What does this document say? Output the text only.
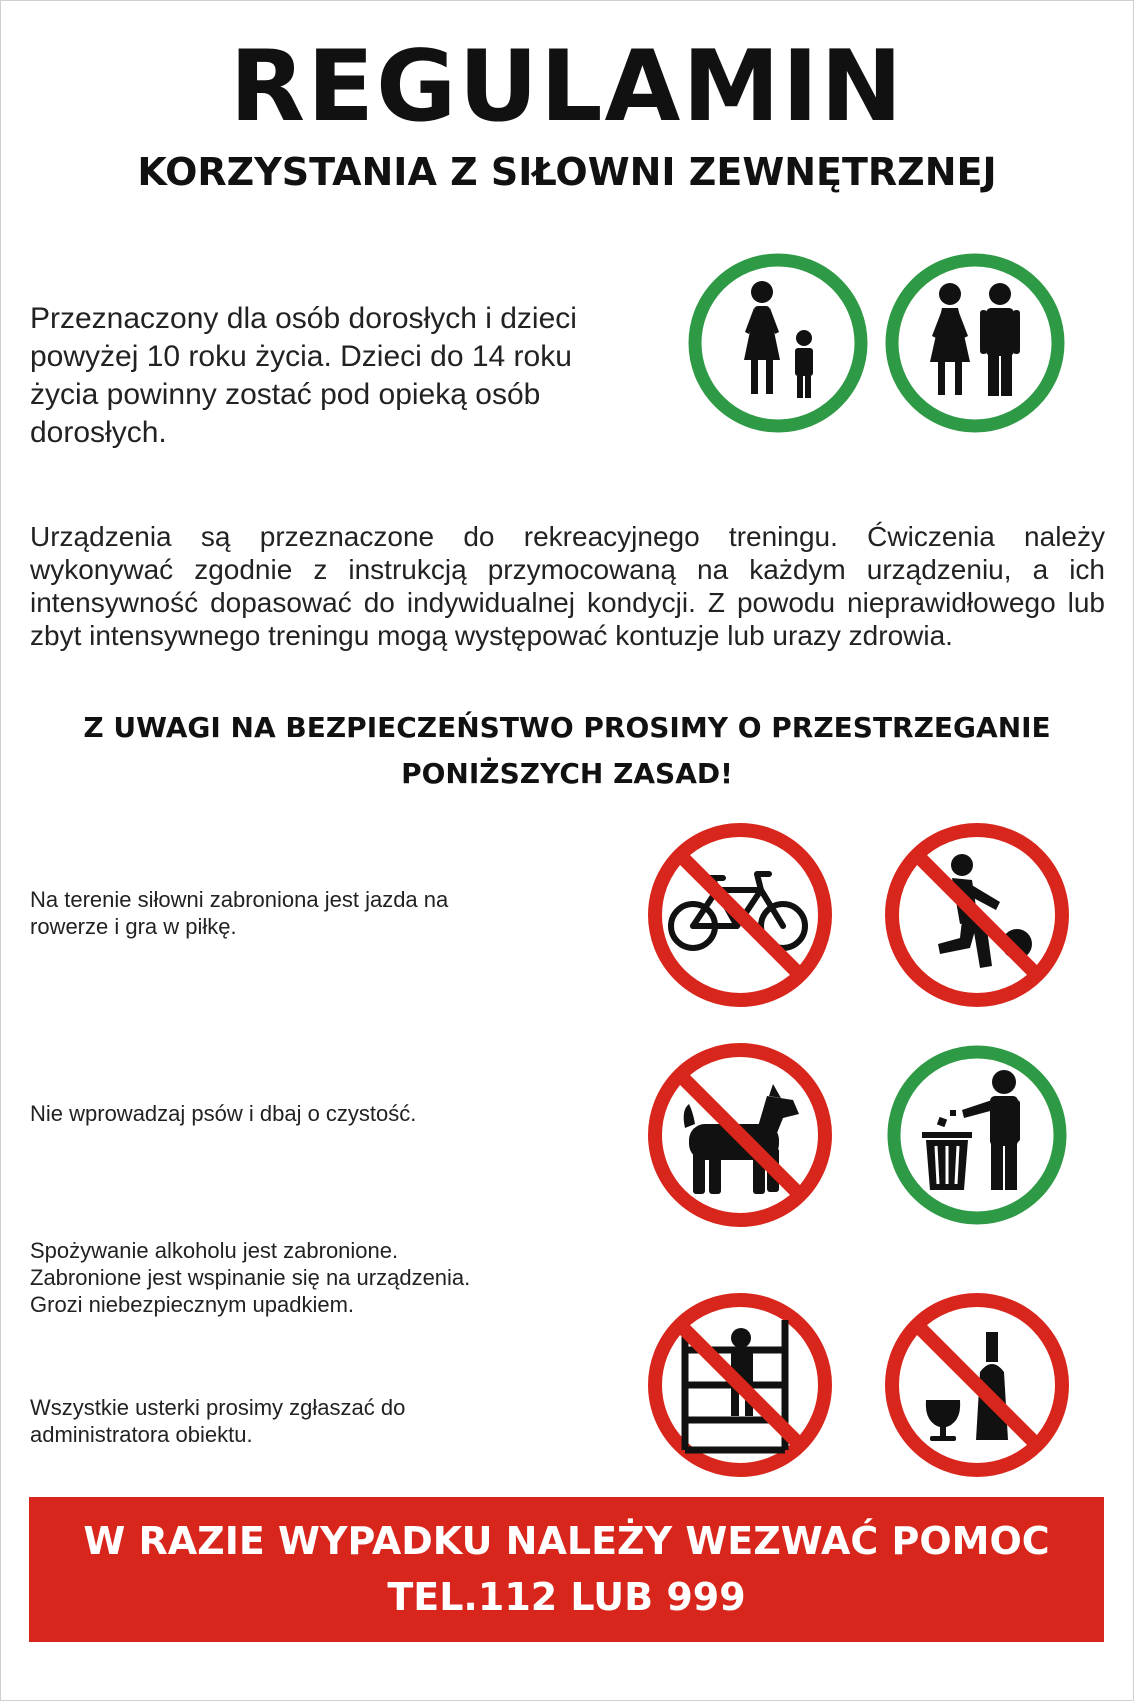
REGULAMIN
KORZYSTANIA Z SIŁOWNI ZEWNĘTRZNEJ
Przeznaczony dla osób dorosłych i dzieci
powyżej 10 roku życia. Dzieci do 14 roku
życia powinny zostać pod opieką osób
dorosłych.
Urządzenia są przeznaczone do rekreacyjnego treningu. Ćwiczenia należy wykonywać zgodnie z instrukcją przymocowaną na każdym urządzeniu, a ich intensywność dopasować do indywidualnej kondycji. Z powodu nieprawidłowego lub zbyt intensywnego treningu mogą występować kontuzje lub urazy zdrowia.
Z UWAGI NA BEZPIECZEŃSTWO PROSIMY O PRZESTRZEGANIE
PONIŻSZYCH ZASAD!
Na terenie siłowni zabroniona jest jazda na
rowerze i gra w piłkę.
Nie wprowadzaj psów i dbaj o czystość.
Spożywanie alkoholu jest zabronione.
Zabronione jest wspinanie się na urządzenia.
Grozi niebezpiecznym upadkiem.
Wszystkie usterki prosimy zgłaszać do
administratora obiektu.
W RAZIE WYPADKU NALEŻY WEZWAĆ POMOC
TEL.112 LUB 999
